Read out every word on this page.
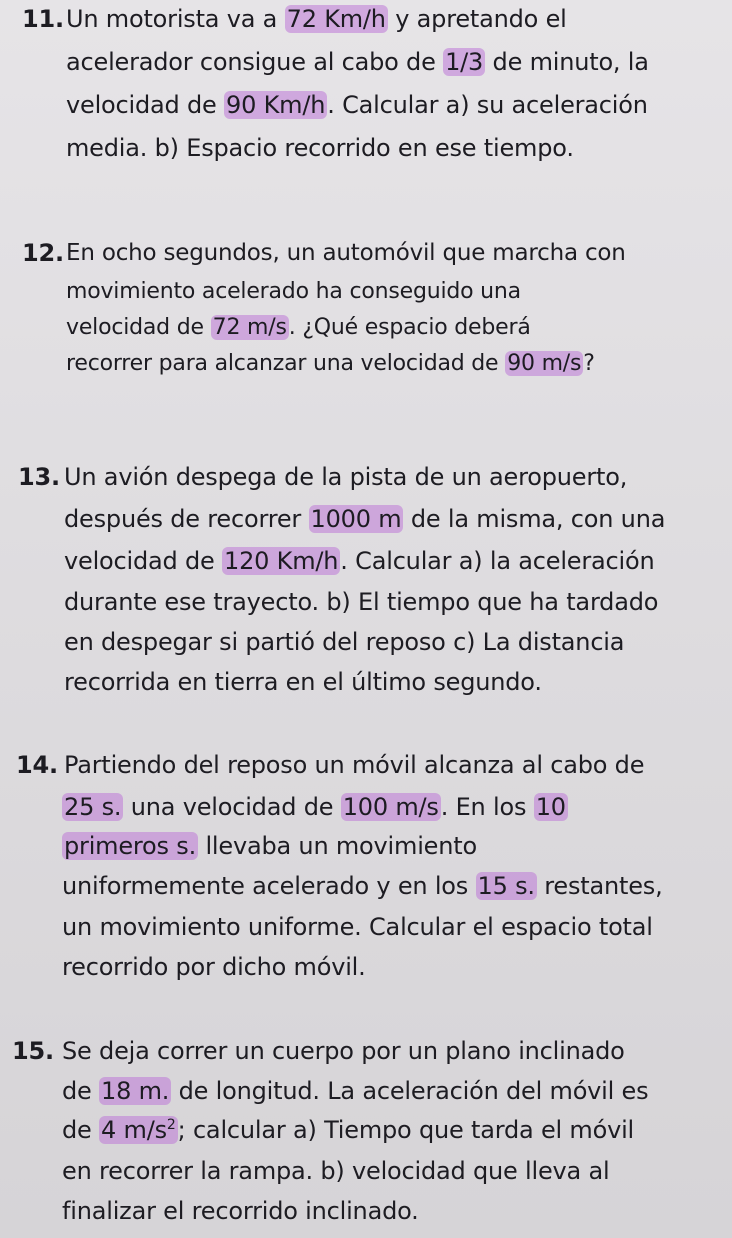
11. Un motorista va a 72 Km/h y apretando el
acelerador consigue al cabo de 1/3 de minuto, la
velocidad de 90 Km/h. Calcular a) su aceleración
media. b) Espacio recorrido en ese tiempo.
12. En ocho segundos, un automóvil que marcha con
movimiento acelerado ha conseguido una
velocidad de 72 m/s. ¿Qué espacio deberá
recorrer para alcanzar una velocidad de 90 m/s?
13. Un avión despega de la pista de un aeropuerto,
después de recorrer 1000 m de la misma, con una
velocidad de 120 Km/h. Calcular a) la aceleración
durante ese trayecto. b) El tiempo que ha tardado
en despegar si partió del reposo c) La distancia
recorrida en tierra en el último segundo.
14. Partiendo del reposo un móvil alcanza al cabo de
25 s. una velocidad de 100 m/s. En los 10
primeros s. llevaba un movimiento
uniformemente acelerado y en los 15 s. restantes,
un movimiento uniforme. Calcular el espacio total
recorrido por dicho móvil.
15. Se deja correr un cuerpo por un plano inclinado
de 18 m. de longitud. La aceleración del móvil es
de 4 $m/s^2$; calcular a) Tiempo que tarda el móvil
en recorrer la rampa. b) velocidad que lleva al
finalizar el recorrido inclinado.
